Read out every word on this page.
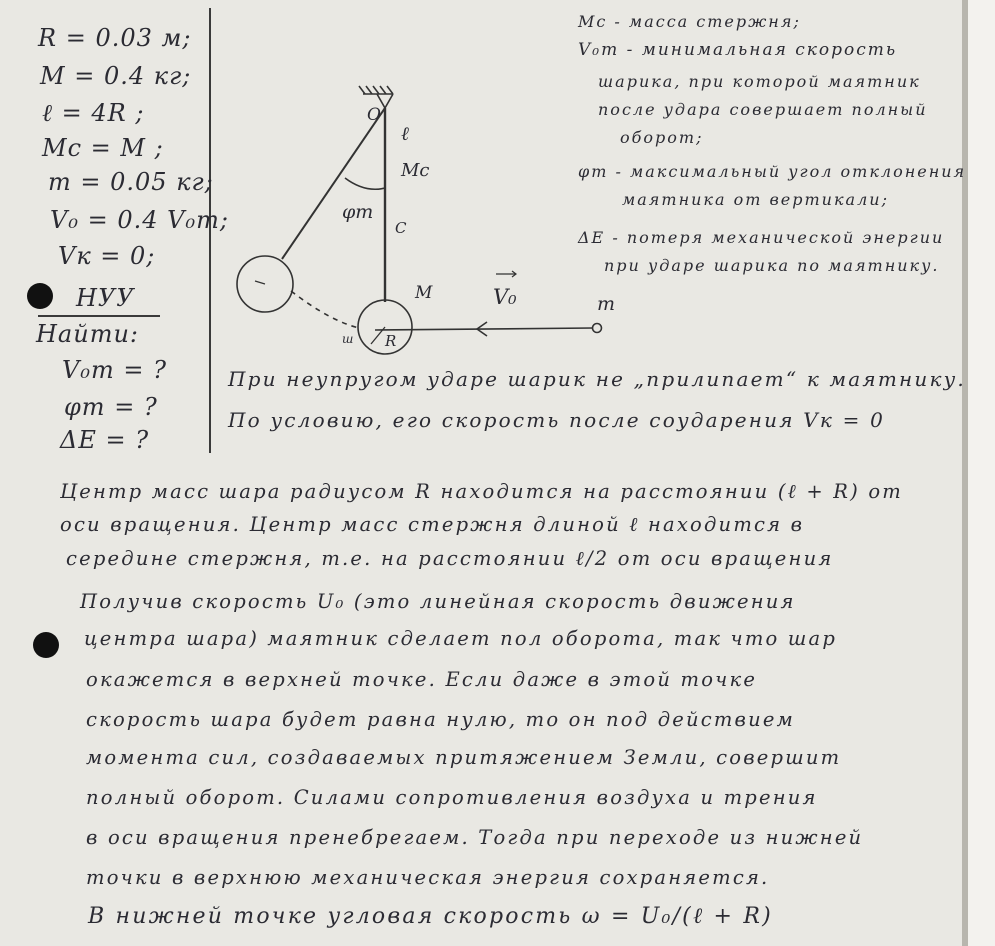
R = 0.03 м;
M = 0.4 кг;
ℓ = 4R ;
Mc = M ;
m = 0.05 кг;
V₀ = 0.4 V₀m;
Vк = 0;
НУУ
Найти:
V₀m = ?
φm = ?
ΔE = ?
Mc - масса стержня;
V₀m - минимальная скорость
шарика, при которой маятник
после удара совершает полный
оборот;
φm - максимальный угол отклонения
маятника от вертикали;
ΔE - потеря механической энергии
при ударе шарика по маятнику.
O
ℓ
Mc
C
φm
M
R
ш
V₀	m
При неупругом ударе шарик не „прилипает“ к маятнику.
По условию, его скорость после соударения Vк = 0
Центр масс шара радиусом R находится на расстоянии (ℓ + R) от
оси вращения. Центр масс стержня длиной ℓ находится в
середине стержня, т.е. на расстоянии ℓ/2 от оси вращения
Получив скорость U₀ (это линейная скорость движения
центра шара) маятник сделает пол оборота, так что шар
окажется в верхней точке. Если даже в этой точке
скорость шара будет равна нулю, то он под действием
момента сил, создаваемых притяжением Земли, совершит
полный оборот. Силами сопротивления воздуха и трения
в оси вращения пренебрегаем. Тогда при переходе из нижней
точки в верхнюю механическая энергия сохраняется.
В нижней точке угловая скорость ω = U₀/(ℓ + R)
